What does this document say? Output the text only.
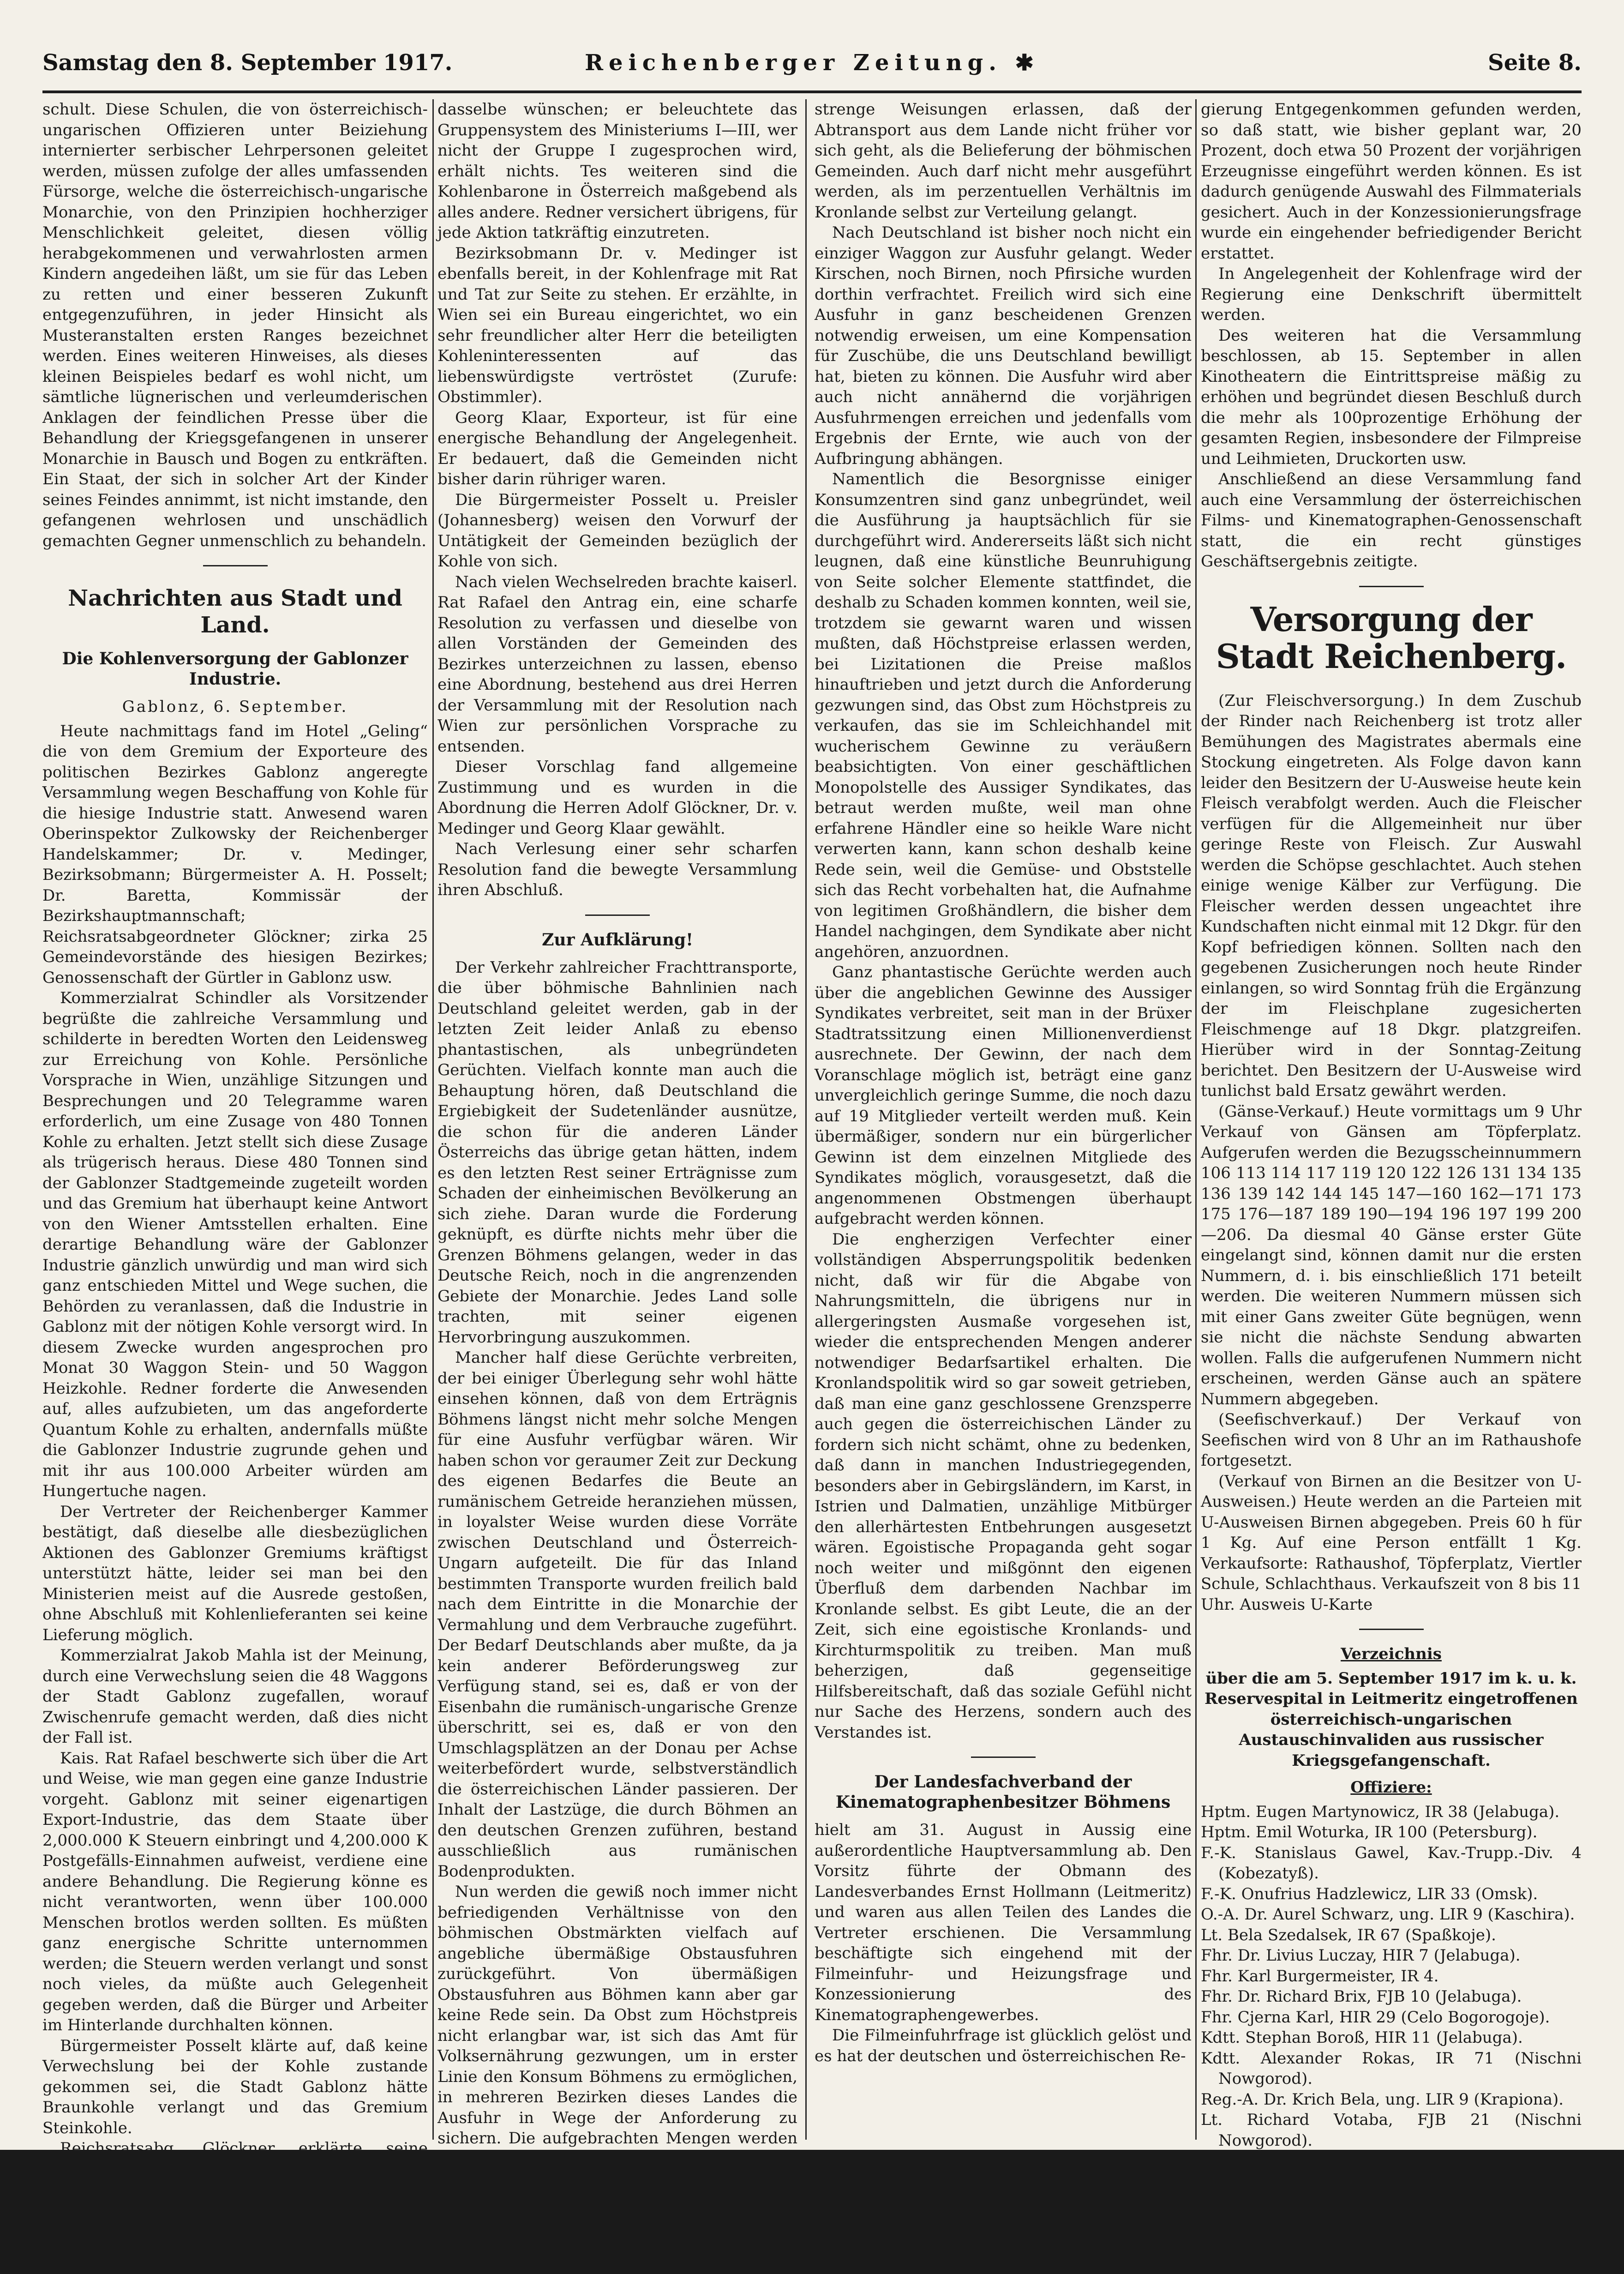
Samstag den 8. September 1917.	Reichenberger Zeitung. ✱	Seite 8.

schult. Diese Schulen, die von österreichisch-ungarischen Offizieren unter Beiziehung internierter serbischer Lehrpersonen geleitet werden, müssen zufolge der alles umfassenden Fürsorge, welche die österreichisch-ungarische Monarchie, von den Prinzipien hochherziger Menschlichkeit geleitet, diesen völlig herabgekommenen und verwahrlosten armen Kindern angedeihen läßt, um sie für das Leben zu retten und einer besseren Zukunft entgegenzuführen, in jeder Hinsicht als Musteranstalten ersten Ranges bezeichnet werden. Eines weiteren Hinweises, als dieses kleinen Beispieles bedarf es wohl nicht, um sämtliche lügnerischen und verleumderischen Anklagen der feindlichen Presse über die Behandlung der Kriegsgefangenen in unserer Monarchie in Bausch und Bogen zu entkräften. Ein Staat, der sich in solcher Art der Kinder seines Feindes annimmt, ist nicht imstande, den gefangenen wehrlosen und unschädlich gemachten Gegner unmenschlich zu behandeln.

Nachrichten aus Stadt und Land.
Die Kohlenversorgung der Gablonzer Industrie.

Gablonz, 6. September.

Heute nachmittags fand im Hotel „Geling“ die von dem Gremium der Exporteure des politischen Bezirkes Gablonz angeregte Versammlung wegen Beschaffung von Kohle für die hiesige Industrie statt. Anwesend waren Oberinspektor Zulkowsky der Reichenberger Handelskammer; Dr. v. Medinger, Bezirksobmann; Bürgermeister A. H. Posselt; Dr. Baretta, Kommissär der Bezirkshauptmannschaft; Reichsratsabgeordneter Glöckner; zirka 25 Gemeindevorstände des hiesigen Bezirkes; Genossenschaft der Gürtler in Gablonz usw.

Kommerzialrat Schindler als Vorsitzender begrüßte die zahlreiche Versammlung und schilderte in beredten Worten den Leidensweg zur Erreichung von Kohle. Persönliche Vorsprache in Wien, unzählige Sitzungen und Besprechungen und 20 Telegramme waren erforderlich, um eine Zusage von 480 Tonnen Kohle zu erhalten. Jetzt stellt sich diese Zusage als trügerisch heraus. Diese 480 Tonnen sind der Gablonzer Stadtgemeinde zugeteilt worden und das Gremium hat überhaupt keine Antwort von den Wiener Amtsstellen erhalten. Eine derartige Behandlung wäre der Gablonzer Industrie gänzlich unwürdig und man wird sich ganz entschieden Mittel und Wege suchen, die Behörden zu veranlassen, daß die Industrie in Gablonz mit der nötigen Kohle versorgt wird. In diesem Zwecke wurden angesprochen pro Monat 30 Waggon Stein- und 50 Waggon Heizkohle. Redner forderte die Anwesenden auf, alles aufzubieten, um das angeforderte Quantum Kohle zu erhalten, andernfalls müßte die Gablonzer Industrie zugrunde gehen und mit ihr aus 100.000 Arbeiter würden am Hungertuche nagen.

Der Vertreter der Reichenberger Kammer bestätigt, daß dieselbe alle diesbezüglichen Aktionen des Gablonzer Gremiums kräftigst unterstützt hätte, leider sei man bei den Ministerien meist auf die Ausrede gestoßen, ohne Abschluß mit Kohlenlieferanten sei keine Lieferung möglich.

Kommerzialrat Jakob Mahla ist der Meinung, durch eine Verwechslung seien die 48 Waggons der Stadt Gablonz zugefallen, worauf Zwischenrufe gemacht werden, daß dies nicht der Fall ist.

Kais. Rat Rafael beschwerte sich über die Art und Weise, wie man gegen eine ganze Industrie vorgeht. Gablonz mit seiner eigenartigen Export-Industrie, das dem Staate über 2,000.000 K Steuern einbringt und 4,200.000 K Postgefälls-Einnahmen aufweist, verdiene eine andere Behandlung. Die Regierung könne es nicht verantworten, wenn über 100.000 Menschen brotlos werden sollten. Es müßten ganz energische Schritte unternommen werden; die Steuern werden verlangt und sonst noch vieles, da müßte auch Gelegenheit gegeben werden, daß die Bürger und Arbeiter im Hinterlande durchhalten können.

Bürgermeister Posselt klärte auf, daß keine Verwechslung bei der Kohle zustande gekommen sei, die Stadt Gablonz hätte Braunkohle verlangt und das Gremium Steinkohle.

Reichsratsabg. Glöckner erklärte seine Bemühungen in dieser Sache. Er meinte, es müsse in Gablonz zu viele Gruppen, die alle

dasselbe wünschen; er beleuchtete das Gruppensystem des Ministeriums I—III, wer nicht der Gruppe I zugesprochen wird, erhält nichts. Tes weiteren sind die Kohlenbarone in Österreich maßgebend als alles andere. Redner versichert übrigens, für jede Aktion tatkräftig einzutreten.

Bezirksobmann Dr. v. Medinger ist ebenfalls bereit, in der Kohlenfrage mit Rat und Tat zur Seite zu stehen. Er erzählte, in Wien sei ein Bureau eingerichtet, wo ein sehr freundlicher alter Herr die beteiligten Kohleninteressenten auf das liebenswürdigste vertröstet (Zurufe: Obstimmler).

Georg Klaar, Exporteur, ist für eine energische Behandlung der Angelegenheit. Er bedauert, daß die Gemeinden nicht bisher darin rühriger waren.

Die Bürgermeister Posselt u. Preisler (Johannesberg) weisen den Vorwurf der Untätigkeit der Gemeinden bezüglich der Kohle von sich.

Nach vielen Wechselreden brachte kaiserl. Rat Rafael den Antrag ein, eine scharfe Resolution zu verfassen und dieselbe von allen Vorständen der Gemeinden des Bezirkes unterzeichnen zu lassen, ebenso eine Abordnung, bestehend aus drei Herren der Versammlung mit der Resolution nach Wien zur persönlichen Vorsprache zu entsenden.

Dieser Vorschlag fand allgemeine Zustimmung und es wurden in die Abordnung die Herren Adolf Glöckner, Dr. v. Medinger und Georg Klaar gewählt.

Nach Verlesung einer sehr scharfen Resolution fand die bewegte Versammlung ihren Abschluß.

Zur Aufklärung!

Der Verkehr zahlreicher Frachttransporte, die über böhmische Bahnlinien nach Deutschland geleitet werden, gab in der letzten Zeit leider Anlaß zu ebenso phantastischen, als unbegründeten Gerüchten. Vielfach konnte man auch die Behauptung hören, daß Deutschland die Ergiebigkeit der Sudetenländer ausnütze, die schon für die anderen Länder Österreichs das übrige getan hätten, indem es den letzten Rest seiner Erträgnisse zum Schaden der einheimischen Bevölkerung an sich ziehe. Daran wurde die Forderung geknüpft, es dürfte nichts mehr über die Grenzen Böhmens gelangen, weder in das Deutsche Reich, noch in die angrenzenden Gebiete der Monarchie. Jedes Land solle trachten, mit seiner eigenen Hervorbringung auszukommen.

Mancher half diese Gerüchte verbreiten, der bei einiger Überlegung sehr wohl hätte einsehen können, daß von dem Erträgnis Böhmens längst nicht mehr solche Mengen für eine Ausfuhr verfügbar wären. Wir haben schon vor geraumer Zeit zur Deckung des eigenen Bedarfes die Beute an rumänischem Getreide heranziehen müssen, in loyalster Weise wurden diese Vorräte zwischen Deutschland und Österreich-Ungarn aufgeteilt. Die für das Inland bestimmten Transporte wurden freilich bald nach dem Eintritte in die Monarchie der Vermahlung und dem Verbrauche zugeführt. Der Bedarf Deutschlands aber mußte, da ja kein anderer Beförderungsweg zur Verfügung stand, sei es, daß er von der Eisenbahn die rumänisch-ungarische Grenze überschritt, sei es, daß er von den Umschlagsplätzen an der Donau per Achse weiterbefördert wurde, selbstverständlich die österreichischen Länder passieren. Der Inhalt der Lastzüge, die durch Böhmen an den deutschen Grenzen zuführen, bestand ausschließlich aus rumänischen Bodenprodukten.

Nun werden die gewiß noch immer nicht befriedigenden Verhältnisse von den böhmischen Obstmärkten vielfach auf angebliche übermäßige Obstausfuhren zurückgeführt. Von übermäßigen Obstausfuhren aus Böhmen kann aber gar keine Rede sein. Da Obst zum Höchstpreis nicht erlangbar war, ist sich das Amt für Volksernährung gezwungen, um in erster Linie den Konsum Böhmens zu ermöglichen, in mehreren Bezirken dieses Landes die Ausfuhr in Wege der Anforderung zu sichern. Die aufgebrachten Mengen werden in erster Linie zur Versorgung Böhmens, dann erst der übrigen Länder — wobei namentlich Wien berücksichtigt werden muß — aufgeteilt. Dabei wurden

strenge Weisungen erlassen, daß der Abtransport aus dem Lande nicht früher vor sich geht, als die Belieferung der böhmischen Gemeinden. Auch darf nicht mehr ausgeführt werden, als im perzentuellen Verhältnis im Kronlande selbst zur Verteilung gelangt.

Nach Deutschland ist bisher noch nicht ein einziger Waggon zur Ausfuhr gelangt. Weder Kirschen, noch Birnen, noch Pfirsiche wurden dorthin verfrachtet. Freilich wird sich eine Ausfuhr in ganz bescheidenen Grenzen notwendig erweisen, um eine Kompensation für Zuschübe, die uns Deutschland bewilligt hat, bieten zu können. Die Ausfuhr wird aber auch nicht annähernd die vorjährigen Ausfuhrmengen erreichen und jedenfalls vom Ergebnis der Ernte, wie auch von der Aufbringung abhängen.

Namentlich die Besorgnisse einiger Konsumzentren sind ganz unbegründet, weil die Ausführung ja hauptsächlich für sie durchgeführt wird. Andererseits läßt sich nicht leugnen, daß eine künstliche Beunruhigung von Seite solcher Elemente stattfindet, die deshalb zu Schaden kommen konnten, weil sie, trotzdem sie gewarnt waren und wissen mußten, daß Höchstpreise erlassen werden, bei Lizitationen die Preise maßlos hinauftrieben und jetzt durch die Anforderung gezwungen sind, das Obst zum Höchstpreis zu verkaufen, das sie im Schleichhandel mit wucherischem Gewinne zu veräußern beabsichtigten. Von einer geschäftlichen Monopolstelle des Aussiger Syndikates, das betraut werden mußte, weil man ohne erfahrene Händler eine so heikle Ware nicht verwerten kann, kann schon deshalb keine Rede sein, weil die Gemüse- und Obststelle sich das Recht vorbehalten hat, die Aufnahme von legitimen Großhändlern, die bisher dem Handel nachgingen, dem Syndikate aber nicht angehören, anzuordnen.

Ganz phantastische Gerüchte werden auch über die angeblichen Gewinne des Aussiger Syndikates verbreitet, seit man in der Brüxer Stadtratssitzung einen Millionenverdienst ausrechnete. Der Gewinn, der nach dem Voranschlage möglich ist, beträgt eine ganz unvergleichlich geringe Summe, die noch dazu auf 19 Mitglieder verteilt werden muß. Kein übermäßiger, sondern nur ein bürgerlicher Gewinn ist dem einzelnen Mitgliede des Syndikates möglich, vorausgesetzt, daß die angenommenen Obstmengen überhaupt aufgebracht werden können.

Die engherzigen Verfechter einer vollständigen Absperrungspolitik bedenken nicht, daß wir für die Abgabe von Nahrungsmitteln, die übrigens nur in allergeringsten Ausmaße vorgesehen ist, wieder die entsprechenden Mengen anderer notwendiger Bedarfsartikel erhalten. Die Kronlandspolitik wird so gar soweit getrieben, daß man eine ganz geschlossene Grenzsperre auch gegen die österreichischen Länder zu fordern sich nicht schämt, ohne zu bedenken, daß dann in manchen Industriegegenden, besonders aber in Gebirgsländern, im Karst, in Istrien und Dalmatien, unzählige Mitbürger den allerhärtesten Entbehrungen ausgesetzt wären. Egoistische Propaganda geht sogar noch weiter und mißgönnt den eigenen Überfluß dem darbenden Nachbar im Kronlande selbst. Es gibt Leute, die an der Zeit, sich eine egoistische Kronlands- und Kirchturmspolitik zu treiben. Man muß beherzigen, daß gegenseitige Hilfsbereitschaft, daß das soziale Gefühl nicht nur Sache des Herzens, sondern auch des Verstandes ist.

Der Landesfachverband der Kinematographenbesitzer Böhmens

hielt am 31. August in Aussig eine außerordentliche Hauptversammlung ab. Den Vorsitz führte der Obmann des Landesverbandes Ernst Hollmann (Leitmeritz) und waren aus allen Teilen des Landes die Vertreter erschienen. Die Versammlung beschäftigte sich eingehend mit der Filmeinfuhr- und Heizungsfrage und Konzessionierung des Kinematographengewerbes.

Die Filmeinfuhrfrage ist glücklich gelöst und es hat der deutschen und österreichischen Re-

gierung Entgegenkommen gefunden werden, so daß statt, wie bisher geplant war, 20 Prozent, doch etwa 50 Prozent der vorjährigen Erzeugnisse eingeführt werden können. Es ist dadurch genügende Auswahl des Filmmaterials gesichert. Auch in der Konzessionierungsfrage wurde ein eingehender befriedigender Bericht erstattet.

In Angelegenheit der Kohlenfrage wird der Regierung eine Denkschrift übermittelt werden.

Des weiteren hat die Versammlung beschlossen, ab 15. September in allen Kinotheatern die Eintrittspreise mäßig zu erhöhen und begründet diesen Beschluß durch die mehr als 100prozentige Erhöhung der gesamten Regien, insbesondere der Filmpreise und Leihmieten, Druckorten usw.

Anschließend an diese Versammlung fand auch eine Versammlung der österreichischen Films- und Kinematographen-Genossenschaft statt, die ein recht günstiges Geschäftsergebnis zeitigte.

Versorgung der Stadt Reichenberg.

(Zur Fleischversorgung.) In dem Zuschub der Rinder nach Reichenberg ist trotz aller Bemühungen des Magistrates abermals eine Stockung eingetreten. Als Folge davon kann leider den Besitzern der U-Ausweise heute kein Fleisch verabfolgt werden. Auch die Fleischer verfügen für die Allgemeinheit nur über geringe Reste von Fleisch. Zur Auswahl werden die Schöpse geschlachtet. Auch stehen einige wenige Kälber zur Verfügung. Die Fleischer werden dessen ungeachtet ihre Kundschaften nicht einmal mit 12 Dkgr. für den Kopf befriedigen können. Sollten nach den gegebenen Zusicherungen noch heute Rinder einlangen, so wird Sonntag früh die Ergänzung der im Fleischplane zugesicherten Fleischmenge auf 18 Dkgr. platzgreifen. Hierüber wird in der Sonntag-Zeitung berichtet. Den Besitzern der U-Ausweise wird tunlichst bald Ersatz gewährt werden.

(Gänse-Verkauf.) Heute vormittags um 9 Uhr Verkauf von Gänsen am Töpferplatz. Aufgerufen werden die Bezugsscheinnummern 106 113 114 117 119 120 122 126 131 134 135 136 139 142 144 145 147—160 162—171 173 175 176—187 189 190—194 196 197 199 200—206. Da diesmal 40 Gänse erster Güte eingelangt sind, können damit nur die ersten Nummern, d. i. bis einschließlich 171 beteilt werden. Die weiteren Nummern müssen sich mit einer Gans zweiter Güte begnügen, wenn sie nicht die nächste Sendung abwarten wollen. Falls die aufgerufenen Nummern nicht erscheinen, werden Gänse auch an spätere Nummern abgegeben.

(Seefischverkauf.) Der Verkauf von Seefischen wird von 8 Uhr an im Rathaushofe fortgesetzt.

(Verkauf von Birnen an die Besitzer von U-Ausweisen.) Heute werden an die Parteien mit U-Ausweisen Birnen abgegeben. Preis 60 h für 1 Kg. Auf eine Person entfällt 1 Kg. Verkaufsorte: Rathaushof, Töpferplatz, Viertler Schule, Schlachthaus. Verkaufszeit von 8 bis 11 Uhr. Ausweis U-Karte

Verzeichnis

über die am 5. September 1917 im k. u. k. Reservespital in Leitmeritz eingetroffenen österreichisch-ungarischen Austauschinvaliden aus russischer Kriegsgefangenschaft.

Offiziere:

Hptm. Eugen Martynowicz, IR 38 (Jelabuga).
Hptm. Emil Woturka, IR 100 (Petersburg).
F.-K. Stanislaus Gawel, Kav.-Trupp.-Div. 4 (Kobezatyß).
F.-K. Onufrius Hadzlewicz, LIR 33 (Omsk).
O.-A. Dr. Aurel Schwarz, ung. LIR 9 (Kaschira).
Lt. Bela Szedalsek, IR 67 (Spaßkoje).
Fhr. Dr. Livius Luczay, HIR 7 (Jelabuga).
Fhr. Karl Burgermeister, IR 4.
Fhr. Dr. Richard Brix, FJB 10 (Jelabuga).
Fhr. Cjerna Karl, HIR 29 (Celo Bogorogoje).
Kdtt. Stephan Boroß, HIR 11 (Jelabuga).
Kdtt. Alexander Rokas, IR 71 (Nischni Nowgorod).
Reg.-A. Dr. Krich Bela, ung. LIR 9 (Krapiona).
Lt. Richard Votaba, FJB 21 (Nischni Nowgorod).
Lt. Osman Nuri, IR 100 (Tschuchloma).
Fhr. Bela Betty, IR 34 (Irkutsk).
Kdtt.-Asp. Alexander Schwarz, IR 81 (Jelabuga).
E.-F.-Feldw. Kolomian Kulits, IR 65 (Nischni Nowgorod).
